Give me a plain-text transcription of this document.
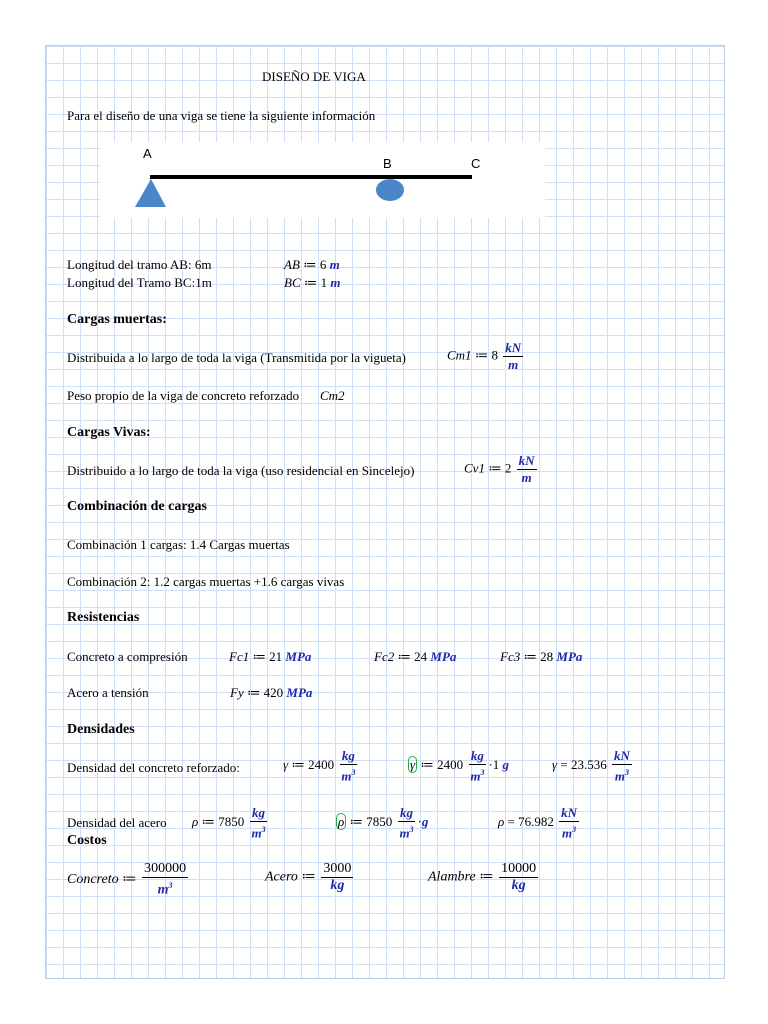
DISEÑO DE VIGA
Para el diseño de una viga se tiene la siguiente información
A
B	C
Longitud del tramo AB: 6m
Longitud del Tramo BC:1m
AB ≔ 6 m
BC ≔ 1 m
Cargas muertas:
Distribuida a lo largo de toda la viga (Transmitida por la vigueta)	Cm1 ≔ $8 \frac{kN}{m}$
Peso propio de la viga de concreto reforzado Cm2
Cargas Vivas:
Distribuido a lo largo de toda la viga (uso residencial en Sincelejo)	Cv1 ≔ $2 \frac{kN}{m}$
Combinación de cargas
Combinación 1 cargas: 1.4 Cargas muertas
Combinación 2: 1.2 cargas muertas +1.6 cargas vivas
Resistencias
Concreto a compresión	Fc1 ≔ 21 MPa	Fc2 ≔ 24 MPa	Fc3 ≔ 28 MPa
Acero a tensión	Fy ≔ 420 MPa
Densidades
Densidad del concreto reforzado:	γ ≔ $2400 \frac{kg}{m^3}$	γ ≔ $2400 \frac{kg}{m^3} \cdot 1$ g	$\gamma = 23.536 \frac{kN}{m^3}$
Densidad del acero ρ ≔ $7850 \frac{kg}{m^3}$	ρ ≔ $7850 \frac{kg}{m^3} \cdot g$	$\rho = 76.982 \frac{kN}{m^3}$
Costos
Concreto ≔ $\frac{300000}{m^3}$	Acero ≔ $\frac{3000}{kg}$	Alambre ≔ $\frac{10000}{kg}$
